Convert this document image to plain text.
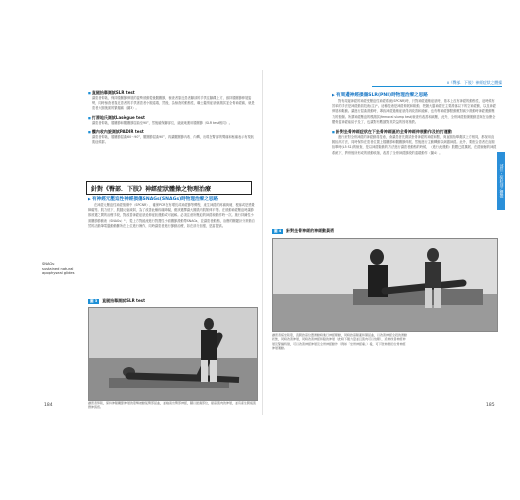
II《臀部．下肢》神經症狀之體操
■ 直腿抬舉測試SLR test

讓患者仰臥，保持膝關節伸展的姿勢被動從後髖關節，檢查者靠近患者腳部的手拱住腳踝上方，維持膝關節伸展姿勢，同時檢查者靠近患者的手拱著患者小腿遠端，然後，為檢查的動態性，職士鑑別症狀就測試並全骨神經痛，就是患者大腿後面的緊繃痛（圖3）。

■ 打滑地氏測試Lasègue test

讓患者仰臥，膝關節和髖關節屈曲至90°，然後確保腳部位，緩緩地運用膝關節（SLR test相同）。

■ 髖內收內旋測試PADIR test

讓患者仰臥，膝關節屈曲60～90°，髖關節屈曲90°，再讓髖關節內收、內轉，出現在臀部的臀痛和極痛表示有梨狀肌症候群。

針對《臀部．下肢》神經症狀體操之物理治療
▶ 有神經元壓迫性神經損傷SNAGs(SNAGs)時物理治療之思路

在神經元壓迫性神經損傷中（SPCNR），確保PCR在有增長或神經節等慣程，產生神經的疼痛與硬、梗塞或是感覺障礙等。肌力低下，肌腱反射減弱，為了改善此種疼痛障礙，應該選擇讓大腿肌肉肌筋伸平等。在被動神經壓迫時讓節都被選之間的治療手段，對改善神經症狀延伸症狀運動或可緩解。必須注意所壓迫的神經和動作時一次。施行持續性小面關節節動術（SNAGs）¹⁾，從上方對緩流進行對護性小面關節滑動帶SNAGs，並讓患者動態，治療的關鍵計分常動自然的活動筆電腦動動難所在上位進行操作，同時讓患者進行節動治療，如在部分加強，是當提高。

SNAGs：
sustained natural apophyseal glides
圖 3 直腿抬舉測試SLR test
讓患者仰臥，保持伸膝關節伸展的姿勢被動從臀部屈曲，並檢查出臀部神經，腳以最適部位，提高肌肉的伸展，並有產生腿後肌群伸張感。
184
▶ 有周邊神經損傷SLR(PNI)時物理治療之思路

對有周邊神經的神經受壓迫性神經系統(SPCNR)時，只對神經過敏症狀時，基本上沒有神經的動態性，這時候有效率的手法是神經動員技術(注)¹⁾。這種技術是神經伸展和鬆動，把鏈大腦神經在主要滑落以下的空神經動，以及神經伸展和鬆動。讓進行屈曲滑動時，導致神經過敏症狀得到改善和緩解，也有利神經節點動應對減少滑動時神經運動壓力的損傷。所謂神經壓迫的模測試(femoral slump test)檢查有改善和減壓，此外，全骨神經損傷運動並與在治療全體骨盆神經能給予及了，也讓對有數據對其效益的因材施教。

■ 針對坐骨神經症狀在下坐骨神經區的全骨神經伸展動作及拍打運動

進行針對全骨神經的神經動員技術，會讓患者先測試坐骨神經的神經和點，與直腿抬舉測試上方相同，都採用直腿抬高方法，同時保持在患者位置上膝關節和髖關節伸展，然後進行主動轉動以刺激神經。此外，要配合患者在直腿抬舉時(L5 S1)的檢查，是以神經鬆動的方法進行讓患者動態的時候，（進行此運動）肢體已經擴展，在經檢驗的神經系統下，將骨後所形成的被動收縮，改善了全骨神經節段的遠端動作（圖4）。

圖 4 針對坐骨神經的神經動員術
讓患者採坐臥姿，直腿抬高位置滑動時進行神經鬆動，同時抬高膝蓋和頸屈曲，以改善神經全段的滑動狀態，同時改善伸展，同時改善神經和點的伸展（此時下腹力量並且肌肉可以放鬆），延伸改善神經伸展及緊繃特徵，可以改善神經伸展及全骨神經動作（例如「坐骨神經痛」）後，可下肢伸展的全骨神經伸展運動。
部位・症狀別之體操
185
